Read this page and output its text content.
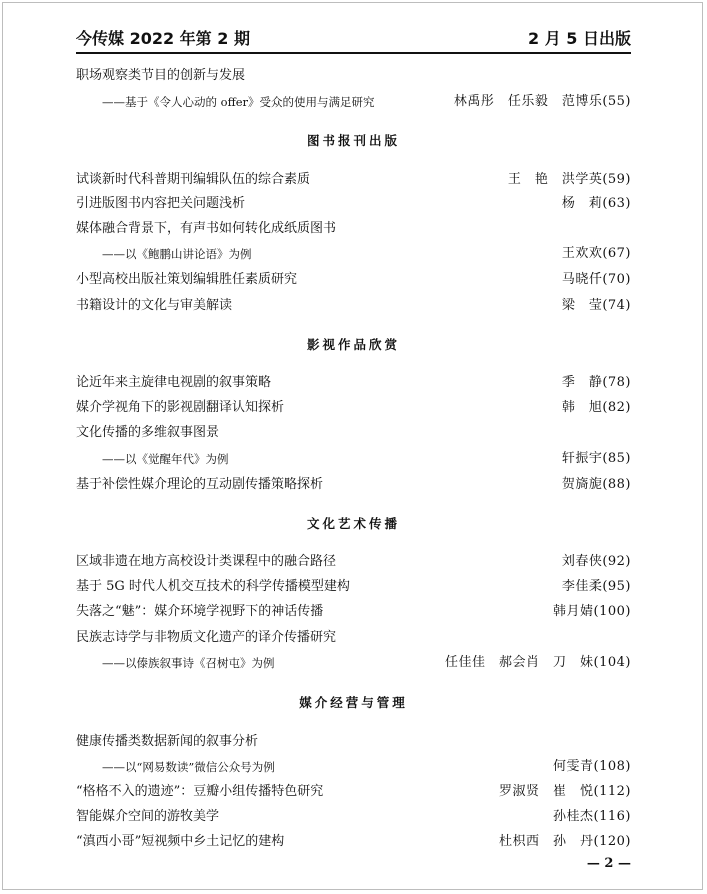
今传媒 2022 年第 2 期	2 月 5 日出版
职场观察类节目的创新与发展
——基于《令人心动的 offer》受众的使用与满足研究	林禹彤　任乐毅　范博乐(55)
图书报刊出版
试谈新时代科普期刊编辑队伍的综合素质	王　艳　洪学英(59)
引进版图书内容把关问题浅析	杨　莉(63)
媒体融合背景下，有声书如何转化成纸质图书
——以《鲍鹏山讲论语》为例	王欢欢(67)
小型高校出版社策划编辑胜任素质研究	马晓仟(70)
书籍设计的文化与审美解读	梁　莹(74)
影视作品欣赏
论近年来主旋律电视剧的叙事策略	季　静(78)
媒介学视角下的影视剧翻译认知探析	韩　旭(82)
文化传播的多维叙事图景
——以《觉醒年代》为例	轩振宇(85)
基于补偿性媒介理论的互动剧传播策略探析	贺旖旎(88)
文化艺术传播
区域非遗在地方高校设计类课程中的融合路径	刘春侠(92)
基于 5G 时代人机交互技术的科学传播模型建构	李佳柔(95)
失落之“魅”：媒介环境学视野下的神话传播	韩月婧(100)
民族志诗学与非物质文化遗产的译介传播研究
——以傣族叙事诗《召树屯》为例	任佳佳　郝会肖　刀　妹(104)
媒介经营与管理
健康传播类数据新闻的叙事分析
——以“网易数读”微信公众号为例	何雯青(108)
“格格不入的遗迹”：豆瓣小组传播特色研究	罗淑贤　崔　悦(112)
智能媒介空间的游牧美学	孙桂杰(116)
“滇西小哥”短视频中乡土记忆的建构	杜枳西　孙　丹(120)
— 2 —
